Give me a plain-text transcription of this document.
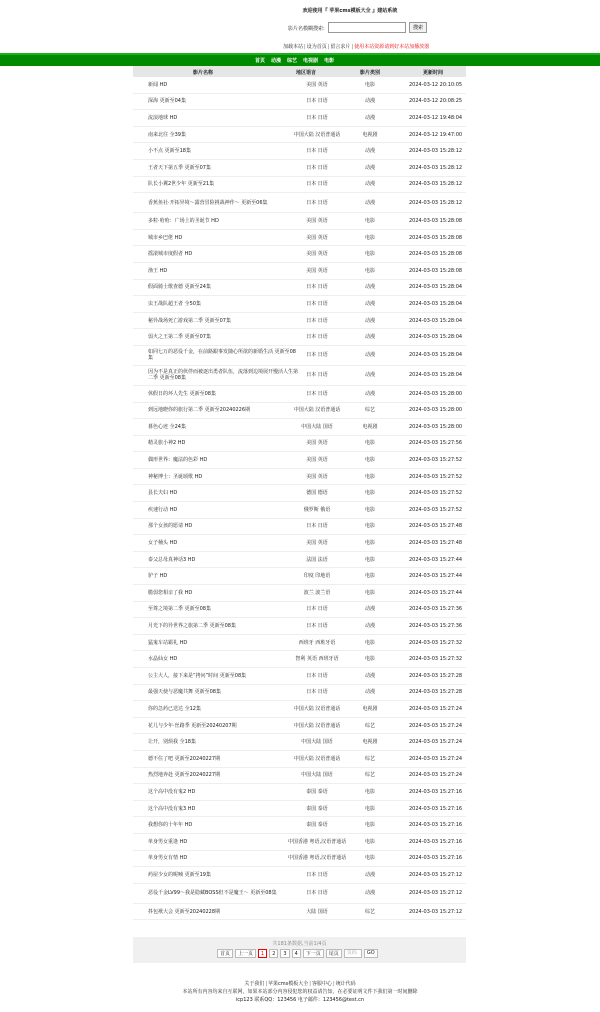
欢迎使用『 苹果cms模板大全 』建站系统
影片名模糊搜索:	搜索
加载本站|设为首页|留言求片|使用本站资源请到好本站加播放器
首页 动漫 综艺 电视剧 电影
影片名称	地区语言	影片类别	更新时间
新闻 HD	美国 英语	电影	2024-03-12 20:10:05
深海 更新至04集	日本 日语	动漫	2024-03-12 20:08:25
流浪地球 HD	日本 日语	动漫	2024-03-12 19:48:04
南来北往 全39集	中国大陆 汉语普通话	电视剧	2024-03-12 19:47:00
小不点 更新至18集	日本 日语	动漫	2024-03-03 15:28:12
王者天下第五季 更新至07集	日本 日语	动漫	2024-03-03 15:28:12
队长小翼2世少年 更新至21集	日本 日语	动漫	2024-03-03 15:28:12
香蕉鱼社·开拓异境～露营冒险挑战神作～ 更新至06集	日本 日语	动漫	2024-03-03 15:28:12
多粒·哈哈：广场上的圣诞节 HD	美国 英语	电影	2024-03-03 15:28:08
城市乡巴佬 HD	美国 英语	电影	2024-03-03 15:28:08
摇滚城市度假者 HD	美国 英语	电影	2024-03-03 15:28:08
渔王 HD	美国 英语	电影	2024-03-03 15:28:08
假面骑士歌查德 更新至24集	日本 日语	动漫	2024-03-03 15:28:04
虫王战队超王者 全50集	日本 日语	动漫	2024-03-03 15:28:04
秘异战场死亡游戏第二季 更新至07集	日本 日语	动漫	2024-03-03 15:28:04
弱火之王第二季 更新至07集	日本 日语	动漫	2024-03-03 15:28:04
如同七万的恶役千金，在前路跟事发随心所欲的新婚生活 更新至08集	日本 日语	动漫	2024-03-03 15:28:04
因为不是真正的伙伴而被逐出勇者队伍，流落到边境展开慢活人生第二季 更新至08集	日本 日语	动漫	2024-03-03 15:28:04
休假日的坏人先生 更新至08集	日本 日语	动漫	2024-03-03 15:28:00
到远地瞪你的旅行第二季 更新至20240226期	中国大陆 汉语普通话	综艺	2024-03-03 15:28:00
暮色心迹 全24集	中国大陆 国语	电视剧	2024-03-03 15:28:00
精灵旅小神2 HD	美国 英语	电影	2024-03-03 15:27:56
偶形世界：魔法的色彩 HD	美国 英语	电影	2024-03-03 15:27:52
神秘博士：圣诞颂歌 HD	美国 英语	电影	2024-03-03 15:27:52
县长夫妇 HD	德国 德语	电影	2024-03-03 15:27:52
疾速行动 HD	俄罗斯 俄语	电影	2024-03-03 15:27:52
那个女孩的愿请 HD	日本 日语	电影	2024-03-03 15:27:48
女子桶头 HD	美国 英语	电影	2024-03-03 15:27:48
泰父总母真神话3 HD	法国 法语	电影	2024-03-03 15:27:44
驴子 HD	印度 印地语	电影	2024-03-03 15:27:44
脆弱您相亲了我 HD	波兰 波兰语	电影	2024-03-03 15:27:44
至尊之境第二季 更新至08集	日本 日语	动漫	2024-03-03 15:27:36
月光下的异世界之旅第二季 更新至08集	日本 日语	动漫	2024-03-03 15:27:36
猛鬼车站霸礼 HD	西班牙 西班牙语	电影	2024-03-03 15:27:32
水晶仙女 HD	智利 英语 西班牙语	电影	2024-03-03 15:27:32
公主大人，接下来是“拷问”时间 更新至08集	日本 日语	动漫	2024-03-03 15:27:28
最强天使与恶魔共舞 更新至08集	日本 日语	动漫	2024-03-03 15:27:28
你的急药已送达 全12集	中国大陆 汉语普通话	电视剧	2024-03-03 15:27:24
花儿与少年·丝路季 更新至20240207期	中国大陆 汉语普通话	综艺	2024-03-03 15:27:24
让开，别烦我 全18集	中国大陆 国语	电视剧	2024-03-03 15:27:24
德不住了吧 更新至20240227期	中国大陆 汉语普通话	综艺	2024-03-03 15:27:24
热烈地奔赴 更新至20240227期	中国大陆 国语	综艺	2024-03-03 15:27:24
这个高中没有鬼2 HD	泰国 泰语	电影	2024-03-03 15:27:16
这个高中没有鬼3 HD	泰国 泰语	电影	2024-03-03 15:27:16
我想你的十年年 HD	泰国 泰语	电影	2024-03-03 15:27:16
单身男女重逢 HD	中国香港 粤语,汉语普通话	电影	2024-03-03 15:27:16
单身男女有情 HD	中国香港 粤语,汉语普通话	电影	2024-03-03 15:27:16
药屋少女的呢喃 更新至19集	日本 日语	动漫	2024-03-03 15:27:12
恶役千金LV99～我是隐藏BOSS但不是魔王～ 更新至08集	日本 日语	动漫	2024-03-03 15:27:12
抖包袱大会 更新至20240228期	大陆 国语	综艺	2024-03-03 15:27:12
共181条数据,当前1/4页
首页 上一页 1 2 3 4 下一页 尾页 页码 GO
关于我们|苹果cms模板大全|客服中心|统计代码
本站所有内容均来自互联网，如果本站部分内容侵犯您的权益请告知，在必要证明文件下我们第一时间删除
icp123 联系QQ：123456 电子邮件：123456@test.cn
